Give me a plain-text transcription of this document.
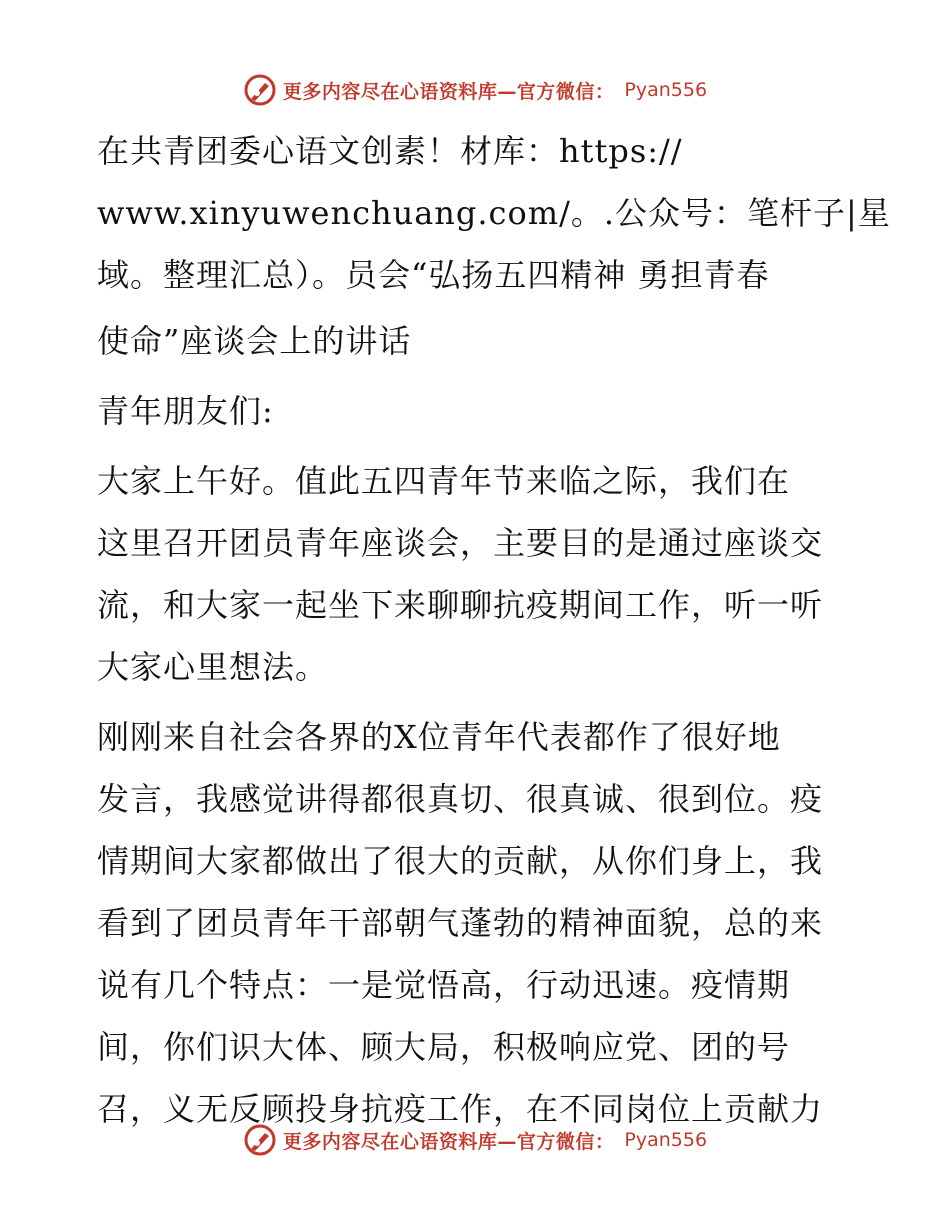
更多内容尽在心语资料库—官方微信： Pyan556
在共青团委心语文创素！材库：https://
www.xinyuwenchuang.com/。.公众号：笔杆子|星
域。整理汇总）。员会“弘扬五四精神 勇担青春
使命”座谈会上的讲话
青年朋友们:
大家上午好。值此五四青年节来临之际，我们在
这里召开团员青年座谈会，主要目的是通过座谈交
流，和大家一起坐下来聊聊抗疫期间工作，听一听
大家心里想法。
刚刚来自社会各界的X位青年代表都作了很好地
发言，我感觉讲得都很真切、很真诚、很到位。疫
情期间大家都做出了很大的贡献，从你们身上，我
看到了团员青年干部朝气蓬勃的精神面貌，总的来
说有几个特点：一是觉悟高，行动迅速。疫情期
间，你们识大体、顾大局，积极响应党、团的号
召，义无反顾投身抗疫工作，在不同岗位上贡献力
更多内容尽在心语资料库—官方微信： Pyan556
